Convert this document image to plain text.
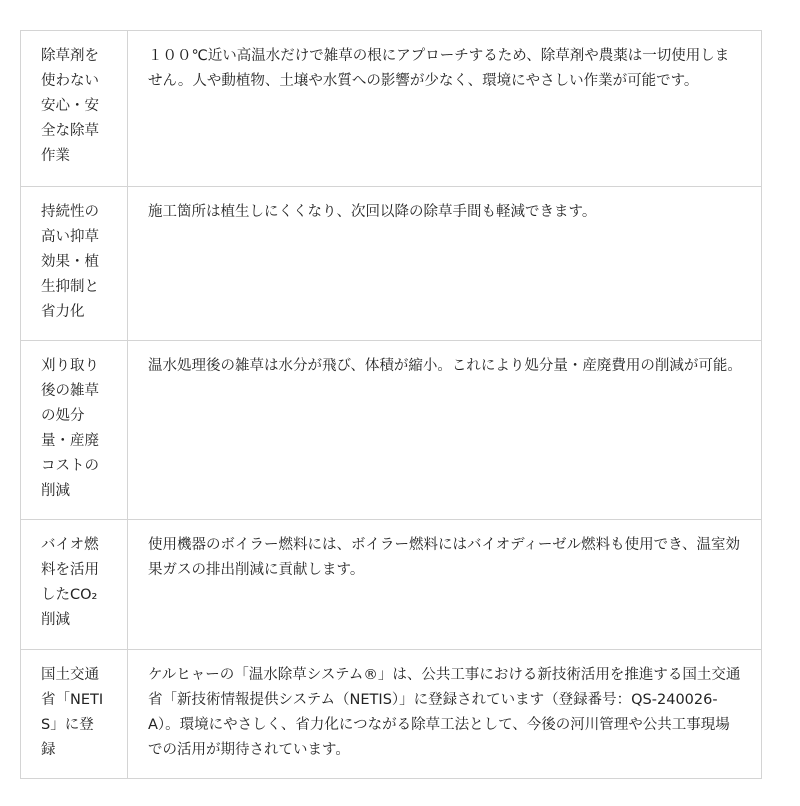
除草剤を使わない安心・安全な除草作業	１００℃近い高温水だけで雑草の根にアプローチするため、除草剤や農薬は一切使用しません。人や動植物、土壌や水質への影響が少なく、環境にやさしい作業が可能です。
持続性の高い抑草効果・植生抑制と省力化	施工箇所は植生しにくくなり、次回以降の除草手間も軽減できます。
刈り取り後の雑草の処分量・産廃コストの削減	温水処理後の雑草は水分が飛び、体積が縮小。これにより処分量・産廃費用の削減が可能。
バイオ燃料を活用したCO₂削減	使用機器のボイラー燃料には、ボイラー燃料にはバイオディーゼル燃料も使用でき、温室効果ガスの排出削減に貢献します。
国土交通省「NETIS」に登録	ケルヒャーの「温水除草システム®」は、公共工事における新技術活用を推進する国土交通省「新技術情報提供システム（NETIS）」に登録されています（登録番号：QS-240026-A）。環境にやさしく、省力化につながる除草工法として、今後の河川管理や公共工事現場での活用が期待されています。
